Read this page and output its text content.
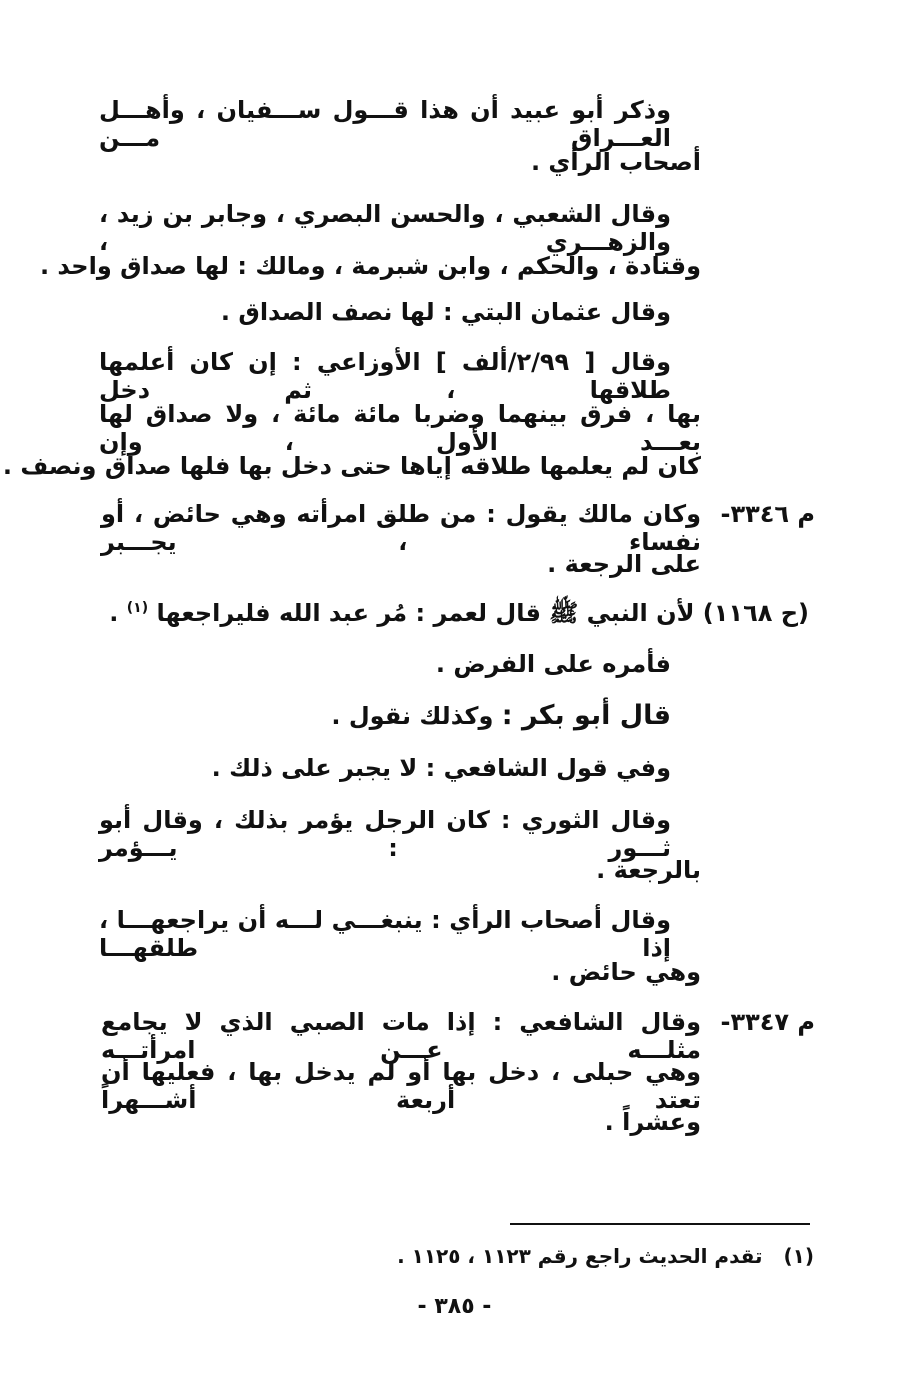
وذكر أبو عبيد أن هذا قـــول ســـفيان ، وأهـــل العـــراق مـــن
أصحاب الرأي .
وقال الشعبي ، والحسن البصري ، وجابر بن زيد ، والزهـــري ،
وقتادة ، والحكم ، وابن شبرمة ، ومالك : لها صداق واحد .
وقال عثمان البتي : لها نصف الصداق .
وقال [ ٢/٩٩/ألف ] الأوزاعي : إن كان أعلمها طلاقها ، ثم دخل
بها ، فرق بينهما وضربا مائة مائة ، ولا صداق لها بعـــد الأول ، وإن
كان لم يعلمها طلاقه إياها حتى دخل بها فلها صداق ونصف .
م ٣٣٤٦-
وكان مالك يقول : من طلق امرأته وهي حائض ، أو نفساء ، يجـــبر
على الرجعة .
(ح ١١٦٨) لأن النبي ﷺ قال لعمر : مُر عبد الله فليراجعها $^{(١)}$ .
فأمره على الفرض .
قال أبو بكر : وكذلك نقول .
وفي قول الشافعي : لا يجبر على ذلك .
وقال الثوري : كان الرجل يؤمر بذلك ، وقال أبو ثـــور : يـــؤمر
بالرجعة .
وقال أصحاب الرأي : ينبغـــي لـــه أن يراجعهـــا ، إذا طلقهـــا
وهي حائض .
م ٣٣٤٧-
وقال الشافعي : إذا مات الصبي الذي لا يجامع مثلـــه عـــن امرأتـــه
وهي حبلى ، دخل بها أو لم يدخل بها ، فعليها أن تعتد أربعة أشـــهراً
وعشراً .
(١) تقدم الحديث راجع رقم ١١٢٣ ، ١١٢٥ .
- ٣٨٥ -
